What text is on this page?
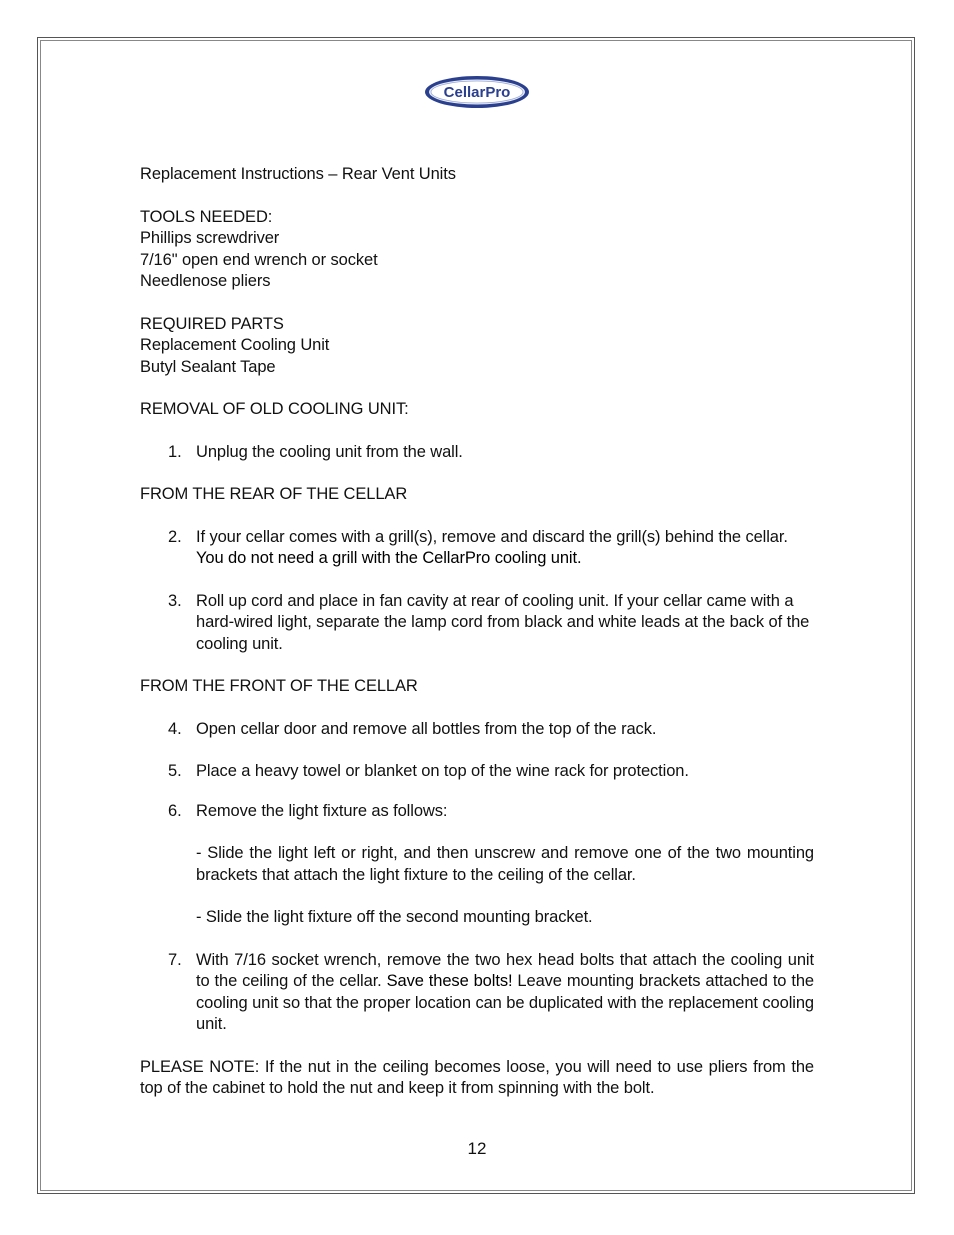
CellarPro

Replacement Instructions – Rear Vent Units

TOOLS NEEDED:

Phillips screwdriver

7/16" open end wrench or socket

Needlenose pliers

REQUIRED PARTS

Replacement Cooling Unit

Butyl Sealant Tape

REMOVAL OF OLD COOLING UNIT:

1. Unplug the cooling unit from the wall.

FROM THE REAR OF THE CELLAR

2. If your cellar comes with a grill(s), remove and discard the grill(s) behind the cellar. You do not need a grill with the CellarPro cooling unit.
3. Roll up cord and place in fan cavity at rear of cooling unit. If your cellar came with a hard-wired light, separate the lamp cord from black and white leads at the back of the cooling unit.

FROM THE FRONT OF THE CELLAR

4. Open cellar door and remove all bottles from the top of the rack.
5. Place a heavy towel or blanket on top of the wine rack for protection.
6. Remove the light fixture as follows:

- Slide the light left or right, and then unscrew and remove one of the two mounting brackets that attach the light fixture to the ceiling of the cellar.

- Slide the light fixture off the second mounting bracket.

7. With 7/16 socket wrench, remove the two hex head bolts that attach the cooling unit to the ceiling of the cellar. Save these bolts! Leave mounting brackets attached to the cooling unit so that the proper location can be duplicated with the replacement cooling unit.

PLEASE NOTE: If the nut in the ceiling becomes loose, you will need to use pliers from the top of the cabinet to hold the nut and keep it from spinning with the bolt.

12
